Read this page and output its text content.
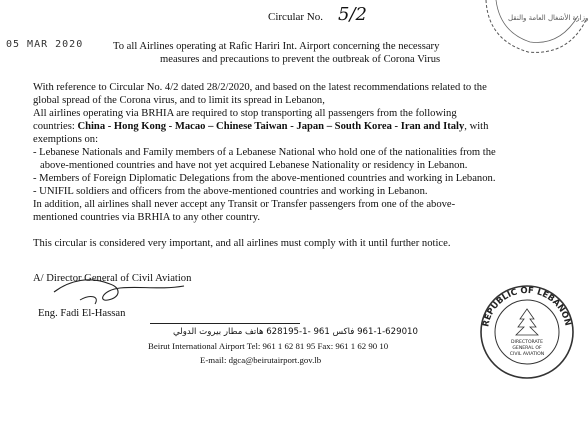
Circular No. 5/2
05 MAR 2020
وزارة الأشغال العامة والنقل
To all Airlines operating at Rafic Hariri Int. Airport concerning the necessary
measures and precautions to prevent the outbreak of Corona Virus
With reference to Circular No. 4/2 dated 28/2/2020, and based on the latest recommendations related to the
global spread of the Corona virus, and to limit its spread in Lebanon,
All airlines operating via BRHIA are required to stop transporting all passengers from the following
countries: China - Hong Kong - Macao – Chinese Taiwan - Japan – South Korea - Iran and Italy, with
exemptions on:
- Lebanese Nationals and Family members of a Lebanese National who hold one of the nationalities from the
above-mentioned countries and have not yet acquired Lebanese Nationality or residency in Lebanon.
- Members of Foreign Diplomatic Delegations from the above-mentioned countries and working in Lebanon.
- UNIFIL soldiers and officers from the above-mentioned countries and working in Lebanon.
In addition, all airlines shall never accept any Transit or Transfer passengers from one of the above-
mentioned countries via BRHIA to any other country.
This circular is considered very important, and all airlines must comply with it until further notice.
A/ Director General of Civil Aviation
Eng. Fadi El-Hassan
961-1-629010 فاكس 961 -1-628195 هاتف مطار بيروت الدولي
Beirut International Airport Tel: 961 1 62 81 95 Fax: 961 1 62 90 10
E-mail: dgca@beirutairport.gov.lb
REPUBLIC OF LEBANON
DIRECTORATE
GENERAL OF
CIVIL AVIATION
